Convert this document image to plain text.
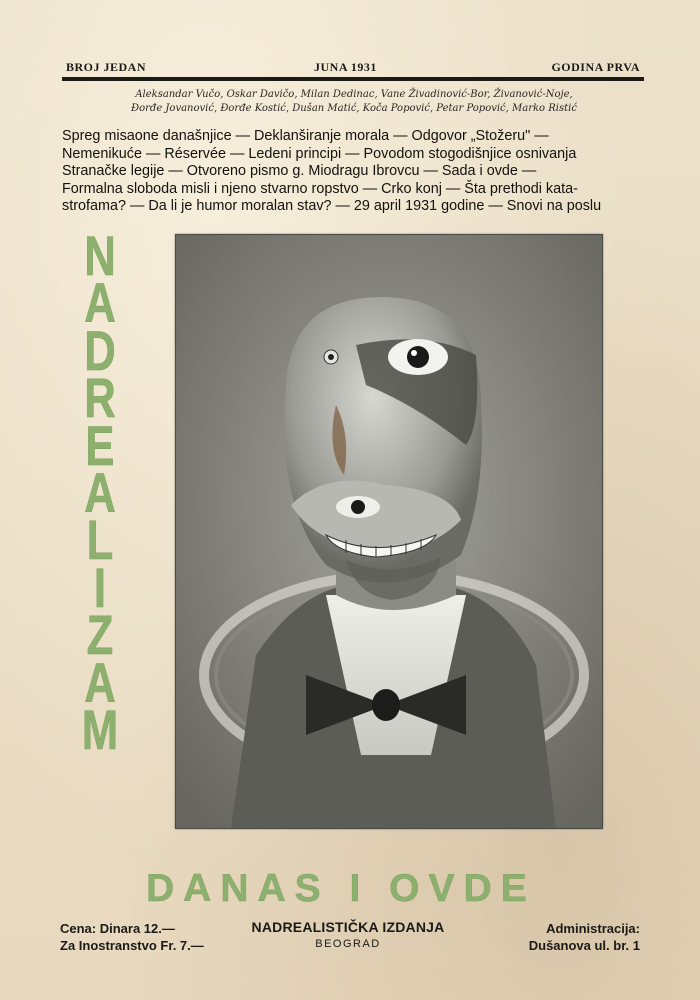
BROJ JEDAN	JUNA 1931	GODINA PRVA
Aleksandar Vučo, Oskar Davičo, Milan Dedinac, Vane Živadinović-Bor, Živanović-Noje,
Đorđe Jovanović, Đorđe Kostić, Dušan Matić, Koča Popović, Petar Popović, Marko Ristić
Spreg misaone današnjice — Deklanširanje morala — Odgovor „Stožeru" —
Nemenikuće — Réservée — Ledeni principi — Povodom stogodišnjice osnivanja
Stranačke legije — Otvoreno pismo g. Miodragu Ibrovcu — Sada i ovde —
Formalna sloboda misli i njeno stvarno ropstvo — Crko konj — Šta prethodi kata-
strofama? — Da li je humor moralan stav? — 29 april 1931 godine — Snovi na poslu
N
A
D
R
E
A
L
I
Z
A
M
DANAS I OVDE
Cena: Dinara 12.—
Za Inostranstvo Fr. 7.—
NADREALISTIČKA IZDANJA
BEOGRAD
Administracija:
Dušanova ul. br. 1
